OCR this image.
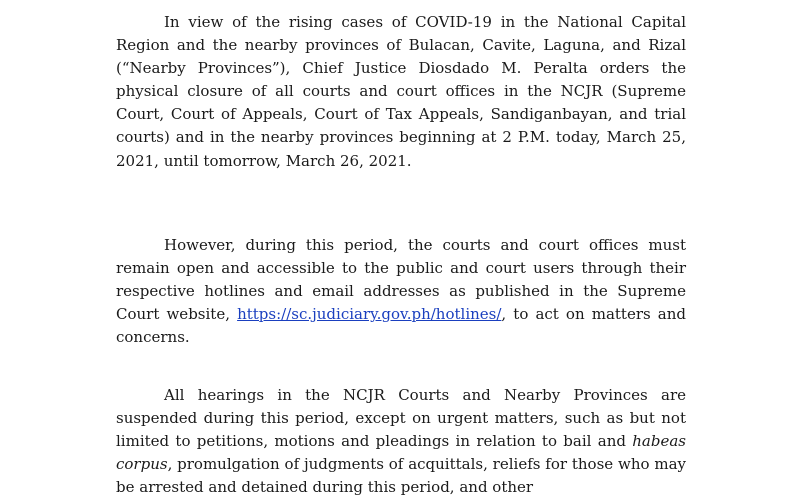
In view of the rising cases of COVID-19 in the National Capital Region and the nearby provinces of Bulacan, Cavite, Laguna, and Rizal (“Nearby Provinces”), Chief Justice Diosdado M. Peralta orders the physical closure of all courts and court offices in the NCJR (Supreme Court, Court of Appeals, Court of Tax Appeals, Sandiganbayan, and trial courts) and in the nearby provinces beginning at 2 P.M. today, March 25, 2021, until tomorrow, March 26, 2021.

However, during this period, the courts and court offices must remain open and accessible to the public and court users through their respective hotlines and email addresses as published in the Supreme Court website, https://sc.judiciary.gov.ph/hotlines/, to act on matters and concerns.

All hearings in the NCJR Courts and Nearby Provinces are suspended during this period, except on urgent matters, such as but not limited to petitions, motions and pleadings in relation to bail and habeas corpus, promulgation of judgments of acquittals, reliefs for those who may be arrested and detained during this period, and other
